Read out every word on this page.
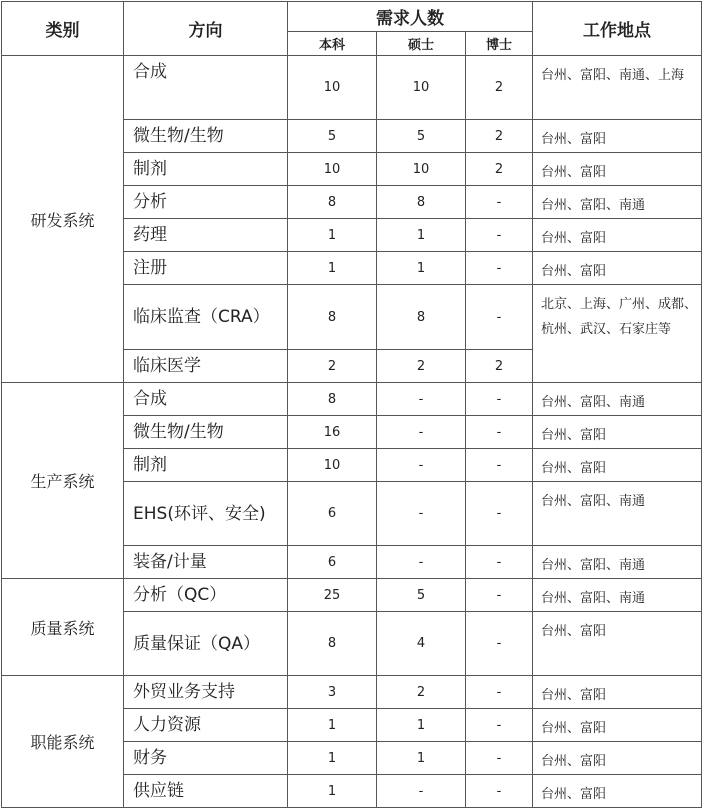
类别	方向	需求人数			工作地点
		本科	硕士	博士	
研发系统	合成	10	10	2	台州、富阳、南通、上海
	微生物/生物	5	5	2	台州、富阳
	制剂	10	10	2	台州、富阳
	分析	8	8	-	台州、富阳、南通
	药理	1	1	-	台州、富阳
	注册	1	1	-	台州、富阳
	临床监查（CRA）	8	8	-	北京、上海、广州、成都、杭州、武汉、石家庄等
	临床医学	2	2	2	
生产系统	合成	8	-	-	台州、富阳、南通
	微生物/生物	16	-	-	台州、富阳
	制剂	10	-	-	台州、富阳
	EHS(环评、安全)	6	-	-	台州、富阳、南通
	装备/计量	6	-	-	台州、富阳、南通
质量系统	分析（QC）	25	5	-	台州、富阳、南通
	质量保证（QA）	8	4	-	台州、富阳
职能系统	外贸业务支持	3	2	-	台州、富阳
	人力资源	1	1	-	台州、富阳
	财务	1	1	-	台州、富阳
	供应链	1	-	-	台州、富阳
